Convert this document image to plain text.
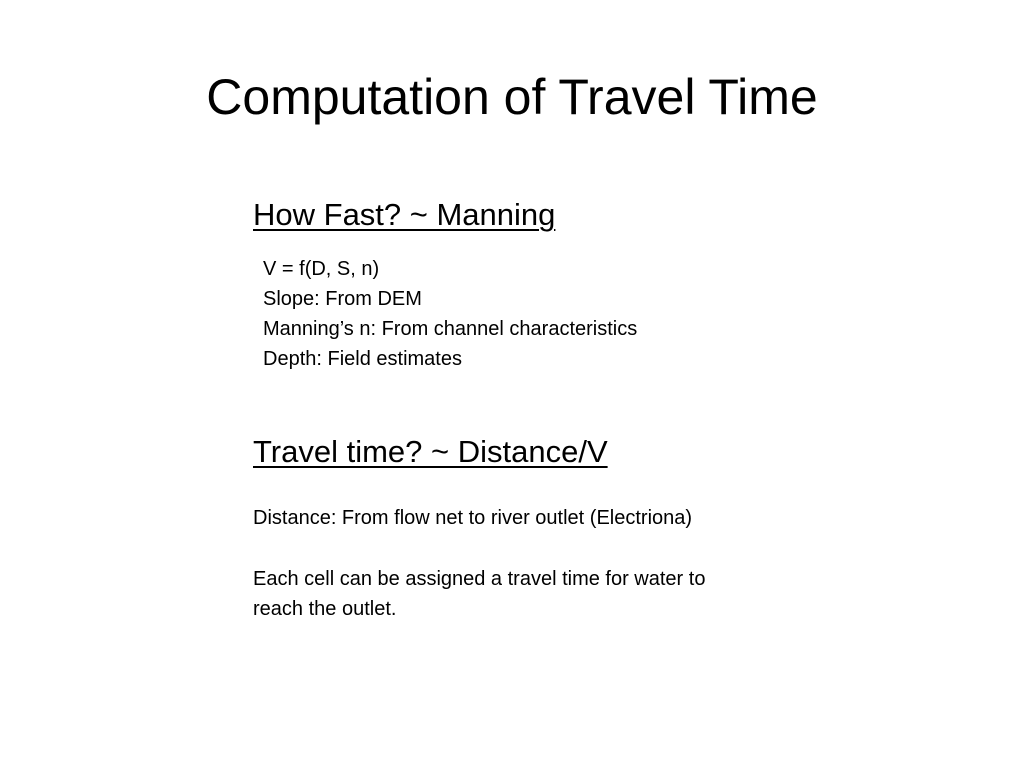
Computation of Travel Time
How Fast? ~ Manning
V = f(D, S, n)
Slope: From DEM
Manning’s n: From channel characteristics
Depth: Field estimates
Travel time? ~ Distance/V
Distance: From flow net to river outlet (Electriona)
Each cell can be assigned a travel time for water to
reach the outlet.
